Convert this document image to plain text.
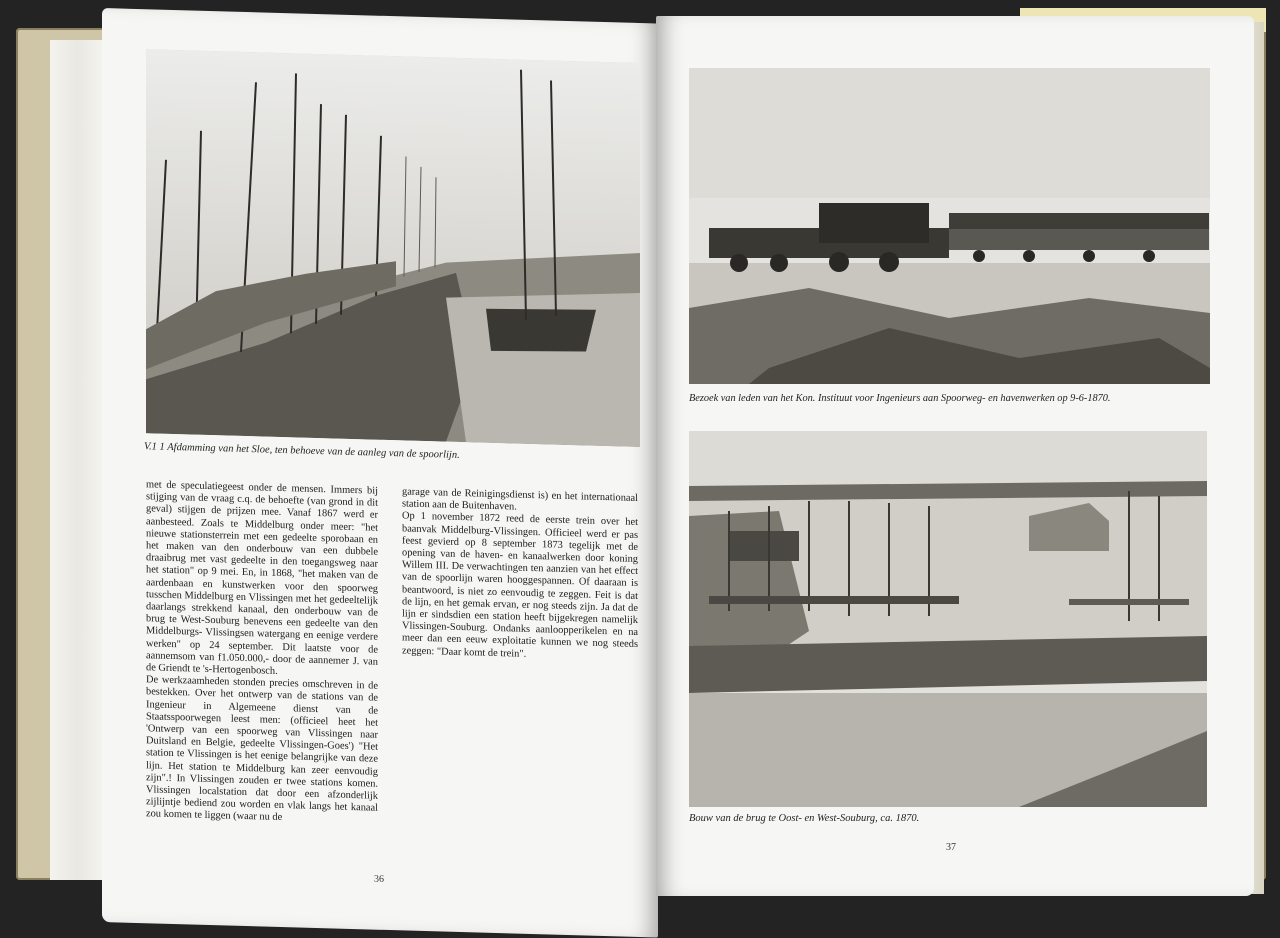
V.1 1 Afdamming van het Sloe, ten behoeve van de aanleg van de spoorlijn.

met de speculatiegeest onder de mensen. Immers bij stijging van de vraag c.q. de behoefte (van grond in dit geval) stijgen de prijzen mee. Vanaf 1867 werd er aanbesteed. Zoals te Middelburg onder meer: "het nieuwe stationsterrein met een gedeelte sporobaan en het maken van den onderbouw van een dubbele draaibrug met vast gedeelte in den toegangsweg naar het station" op 9 mei. En, in 1868, "het maken van de aardenbaan en kunstwerken voor den spoorweg tusschen Middelburg en Vlissingen met het gedeeltelijk daarlangs strekkend kanaal, den onderbouw van de brug te West-Souburg benevens een gedeelte van den Middelburgs- Vlissingsen watergang en eenige verdere werken" op 24 september. Dit laatste voor de aannemsom van f1.050.000,- door de aannemer J. van de Griendt te 's-Hertogenbosch.

De werkzaamheden stonden precies omschreven in de bestekken. Over het ontwerp van de stations van de Ingenieur in Algemeene dienst van de Staatsspoorwegen leest men: (officieel heet het 'Ontwerp van een spoorweg van Vlissingen naar Duitsland en Belgie, gedeelte Vlissingen-Goes') "Het station te Vlissingen is het eenige belangrijke van deze lijn. Het station te Middelburg kan zeer eenvoudig zijn".! In Vlissingen zouden er twee stations komen. Vlissingen localstation dat door een afzonderlijk zijlijntje bediend zou worden en vlak langs het kanaal zou komen te liggen (waar nu de

garage van de Reinigingsdienst is) en het internationaal station aan de Buitenhaven.

Op 1 november 1872 reed de eerste trein over het baanvak Middelburg-Vlissingen. Officieel werd er pas feest gevierd op 8 september 1873 tegelijk met de opening van de haven- en kanaalwerken door koning Willem III. De verwachtingen ten aanzien van het effect van de spoorlijn waren hooggespannen. Of daaraan is beantwoord, is niet zo eenvoudig te zeggen. Feit is dat de lijn, en het gemak ervan, er nog steeds zijn. Ja dat de lijn er sindsdien een station heeft bijgekregen namelijk Vlissingen-Souburg. Ondanks aanloopperikelen en na meer dan een eeuw exploitatie kunnen we nog steeds zeggen: "Daar komt de trein".

36
Bezoek van leden van het Kon. Instituut voor Ingenieurs aan Spoorweg- en havenwerken op 9-6-1870.
Bouw van de brug te Oost- en West-Souburg, ca. 1870.
37
